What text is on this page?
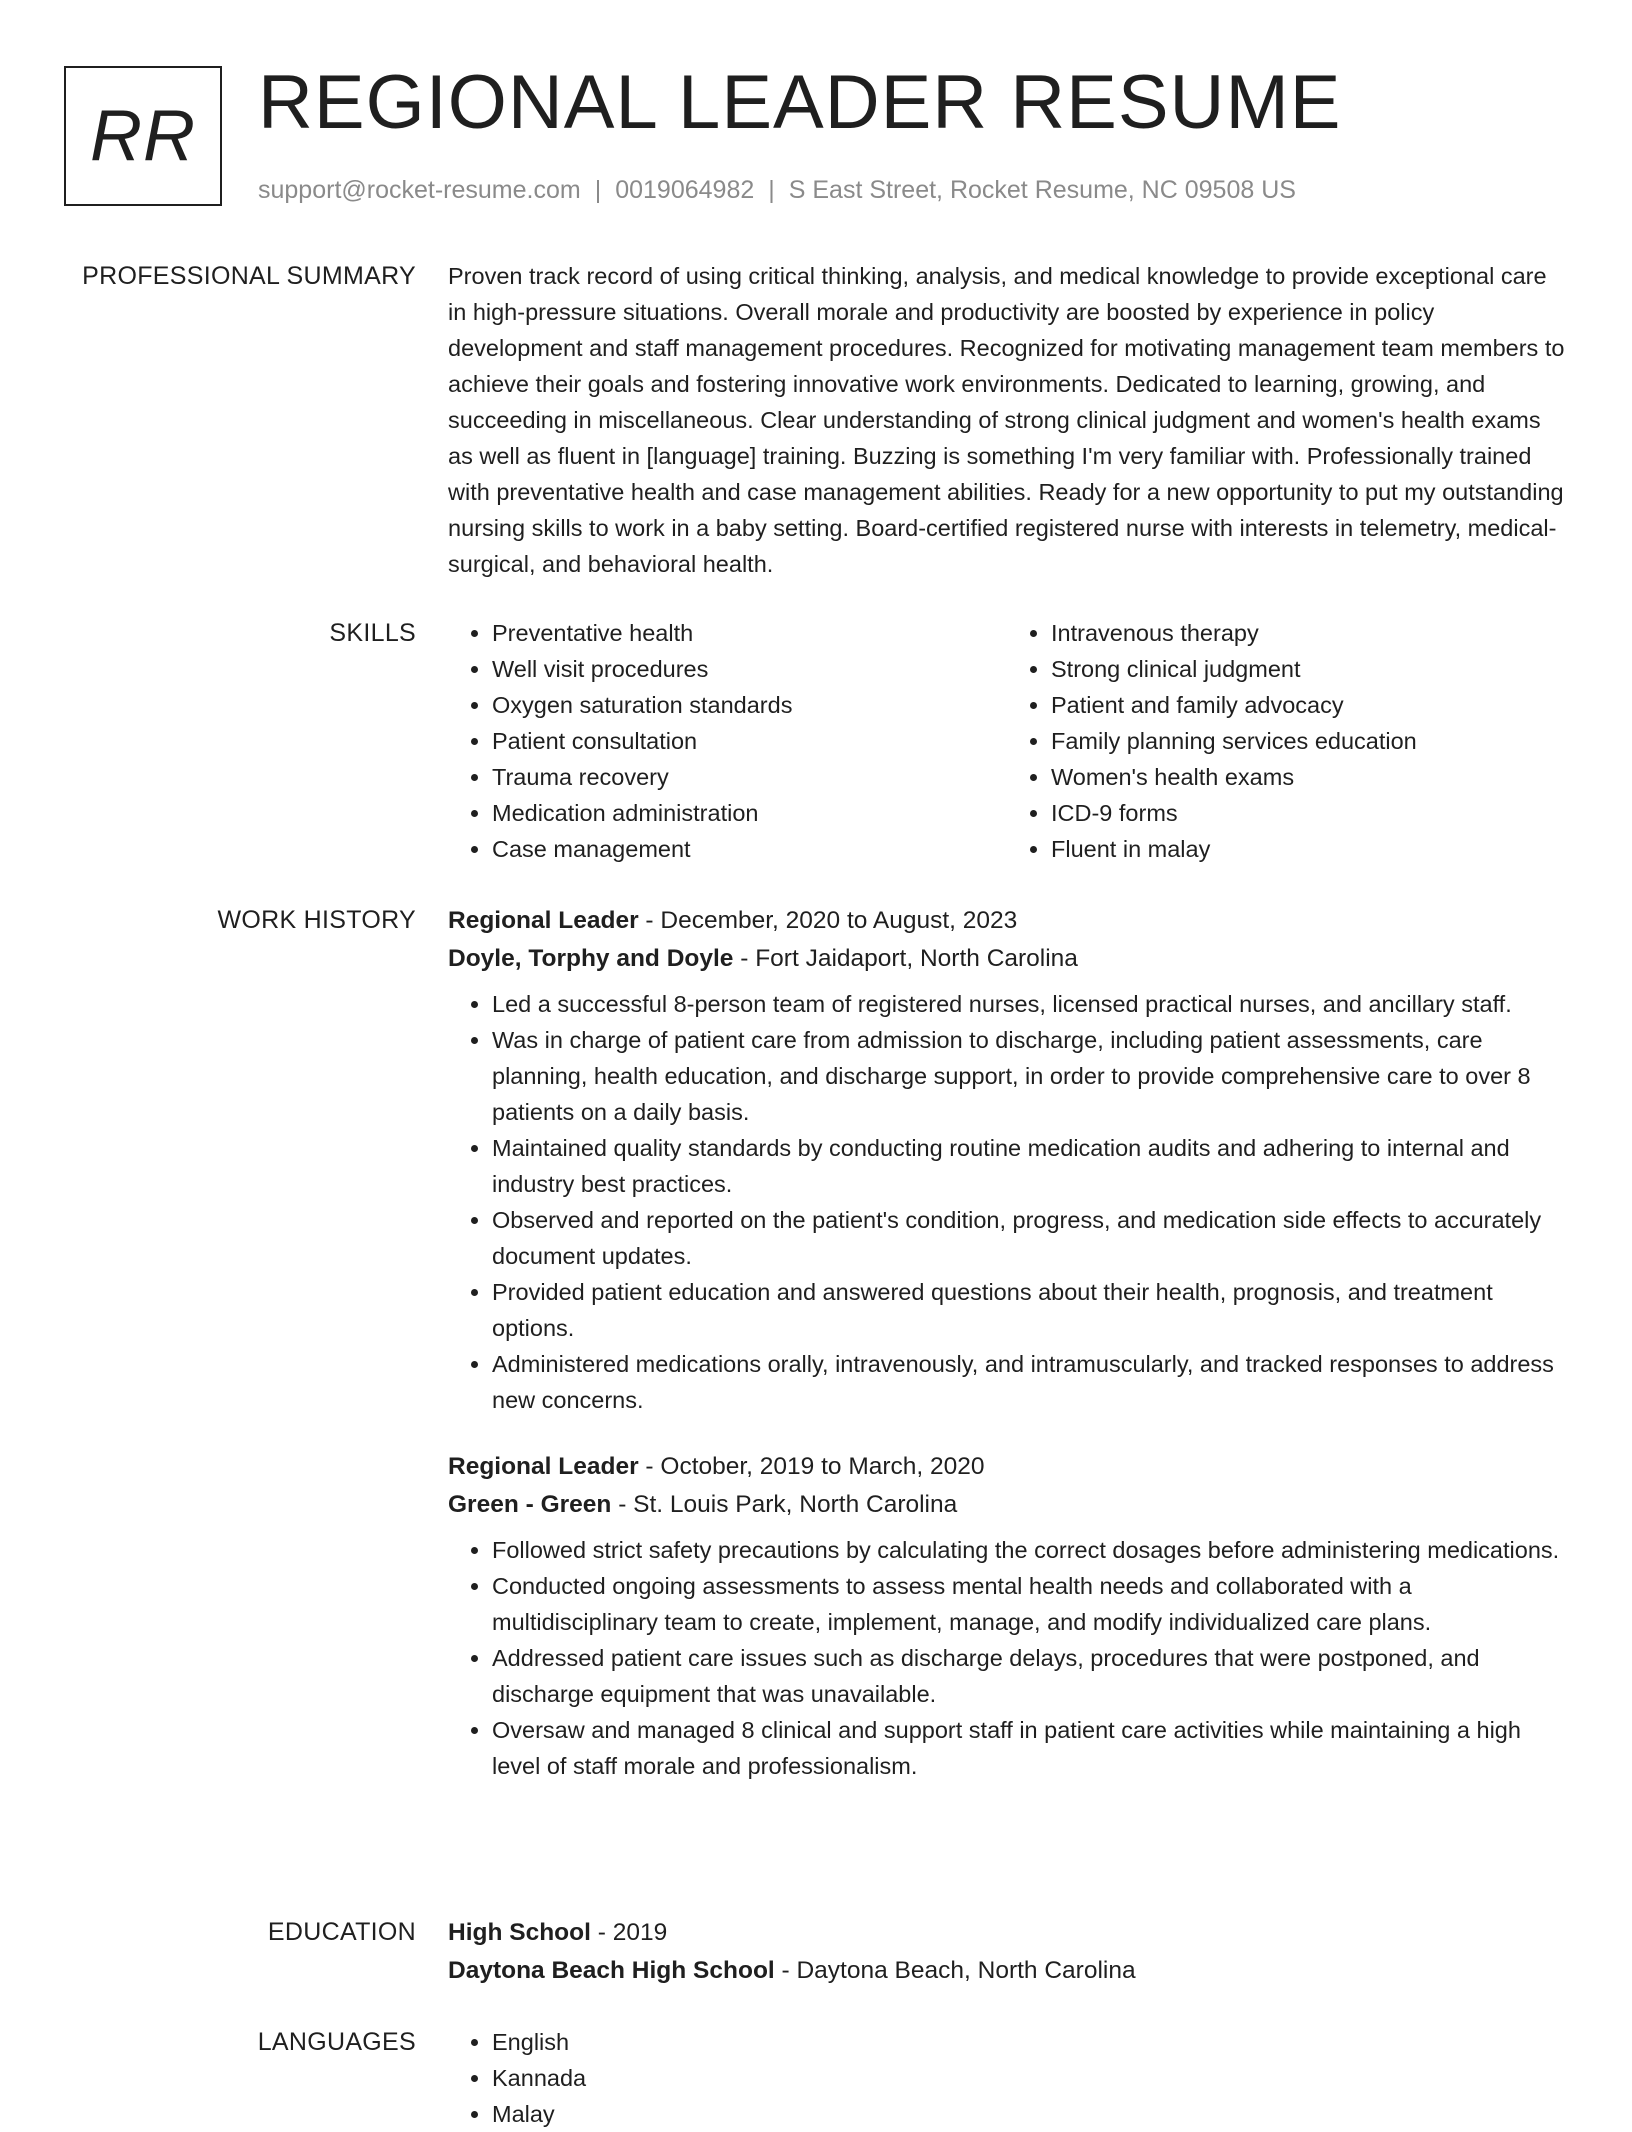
RR REGIONAL LEADER RESUME
support@rocket-resume.com | 0019064982 | S East Street, Rocket Resume, NC 09508 US
PROFESSIONAL SUMMARY Proven track record of using critical thinking, analysis, and medical knowledge to provide exceptional care in high-pressure situations. Overall morale and productivity are boosted by experience in policy development and staff management procedures. Recognized for motivating management team members to achieve their goals and fostering innovative work environments. Dedicated to learning, growing, and succeeding in miscellaneous. Clear understanding of strong clinical judgment and women's health exams as well as fluent in [language] training. Buzzing is something I'm very familiar with. Professionally trained with preventative health and case management abilities. Ready for a new opportunity to put my outstanding nursing skills to work in a baby setting. Board-certified registered nurse with interests in telemetry, medical-surgical, and behavioral health.

SKILLS	• Preventative health
• Well visit procedures
• Oxygen saturation standards
• Patient consultation
• Trauma recovery
• Medication administration
• Case management
• Intravenous therapy
• Strong clinical judgment
• Patient and family advocacy
• Family planning services education
• Women's health exams
• ICD-9 forms
• Fluent in malay
WORK HISTORY Regional Leader - December, 2020 to August, 2023
Doyle, Torphy and Doyle - Fort Jaidaport, North Carolina
• Led a successful 8-person team of registered nurses, licensed practical nurses, and ancillary staff.
• Was in charge of patient care from admission to discharge, including patient assessments, care planning, health education, and discharge support, in order to provide comprehensive care to over 8 patients on a daily basis.
• Maintained quality standards by conducting routine medication audits and adhering to internal and industry best practices.
• Observed and reported on the patient's condition, progress, and medication side effects to accurately document updates.
• Provided patient education and answered questions about their health, prognosis, and treatment options.
• Administered medications orally, intravenously, and intramuscularly, and tracked responses to address new concerns.
Regional Leader - October, 2019 to March, 2020
Green - Green - St. Louis Park, North Carolina
• Followed strict safety precautions by calculating the correct dosages before administering medications.
• Conducted ongoing assessments to assess mental health needs and collaborated with a multidisciplinary team to create, implement, manage, and modify individualized care plans.
• Addressed patient care issues such as discharge delays, procedures that were postponed, and discharge equipment that was unavailable.
• Oversaw and managed 8 clinical and support staff in patient care activities while maintaining a high level of staff morale and professionalism.
EDUCATION High School - 2019
Daytona Beach High School - Daytona Beach, North Carolina
LANGUAGES	• English
• Kannada
• Malay
